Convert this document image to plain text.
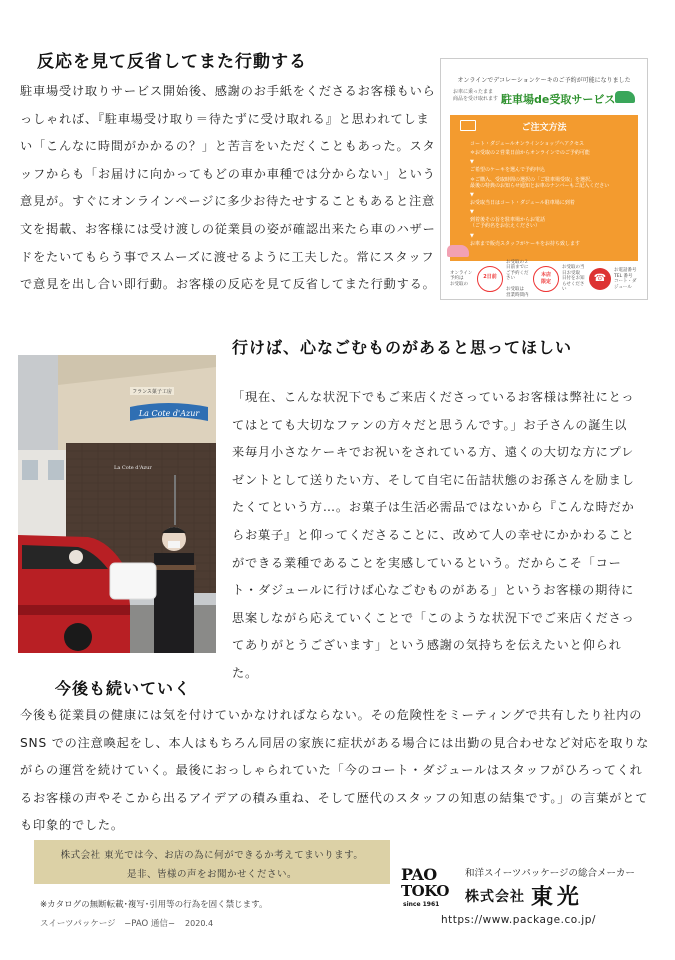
反応を見て反省してまた行動する
駐車場受け取りサービス開始後、感謝のお手紙をくださるお客様もいらっしゃれば、『駐車場受け取り＝待たずに受け取れる』と思われてしまい「こんなに時間がかかるの？」と苦言をいただくこともあった。スタッフからも「お届けに向かってもどの車か車種では分からない」という意見が。すぐにオンラインページに多少お待たせすることもあると注意文を掲載、お客様には受け渡しの従業員の姿が確認出来たら車のハザードをたいてもらう事でスムーズに渡せるように工夫した。常にスタッフで意見を出し合い即行動。お客様の反応を見て反省してまた行動する。
オンラインでデコレーションケーキのご予約が可能になりました
お車に乗ったまま
商品を受け取れます 駐車場de受取サービス
ご注文方法
コート・ダジュールオンラインショップへアクセス
＊お受取の２営業日前からオンラインでのご予約可能
▼
ご希望のケーキを選んで予約申込
＊ご購入、受取時間の選択の「ご駐車場受取」を選択、
最後の特典のお知らせ通知とお車のナンバーもご記入ください
▼
お受取当日はコート・ダジュール駐車場に到着
▼
到着後その旨を駐車場からお電話
（ご予約名をお伝えください）
▼
お車まで販売スタッフがケーキをお持ち致します
オンライン予約は
お受取の
2日前
お受取の２日前までに
ご予約ください

お受取は
営業時間内
本店
限定
お受取の当日お受取
日付をお知らせください
☎
お電話番号 TEL 番号
コート・ダジュール
行けば、心なごむものがあると思ってほしい
フランス菓子工房
La Cote d'Azur
La Cote d'Azur
「現在、こんな状況下でもご来店くださっているお客様は弊社にとってはとても大切なファンの方々だと思うんです。」お子さんの誕生以来毎月小さなケーキでお祝いをされている方、遠くの大切な方にプレゼントとして送りたい方、そして自宅に缶詰状態のお孫さんを励ましたくてという方…。お菓子は生活必需品ではないから『こんな時だからお菓子』と仰ってくださることに、改めて人の幸せにかかわることができる業種であることを実感しているという。だからこそ「コート・ダジュールに行けば心なごむものがある」というお客様の期待に思案しながら応えていくことで「このような状況下でご来店くださってありがとうございます」という感謝の気持ちを伝えたいと仰られた。
今後も続いていく
今後も従業員の健康には気を付けていかなければならない。その危険性をミーティングで共有したり社内の SNS での注意喚起をし、本人はもちろん同居の家族に症状がある場合には出勤の見合わせなど対応を取りながらの運営を続けていく。最後におっしゃられていた「今のコート・ダジュールはスタッフがひろってくれるお客様の声やそこから出るアイデアの積み重ね、そして歴代のスタッフの知恵の結集です。」の言葉がとても印象的でした。
株式会社 東光では今、お店の為に何ができるか考えてまいります。
是非、皆様の声をお聞かせください。
※カタログの無断転載･複写･引用等の行為を固く禁じます。
スイーツパッケージ　−PAO 通信− 2020.4
PAO
TOKO
since 1961
和洋スイーツパッケージの総合メーカー
株式会社 東光
https://www.package.co.jp/
